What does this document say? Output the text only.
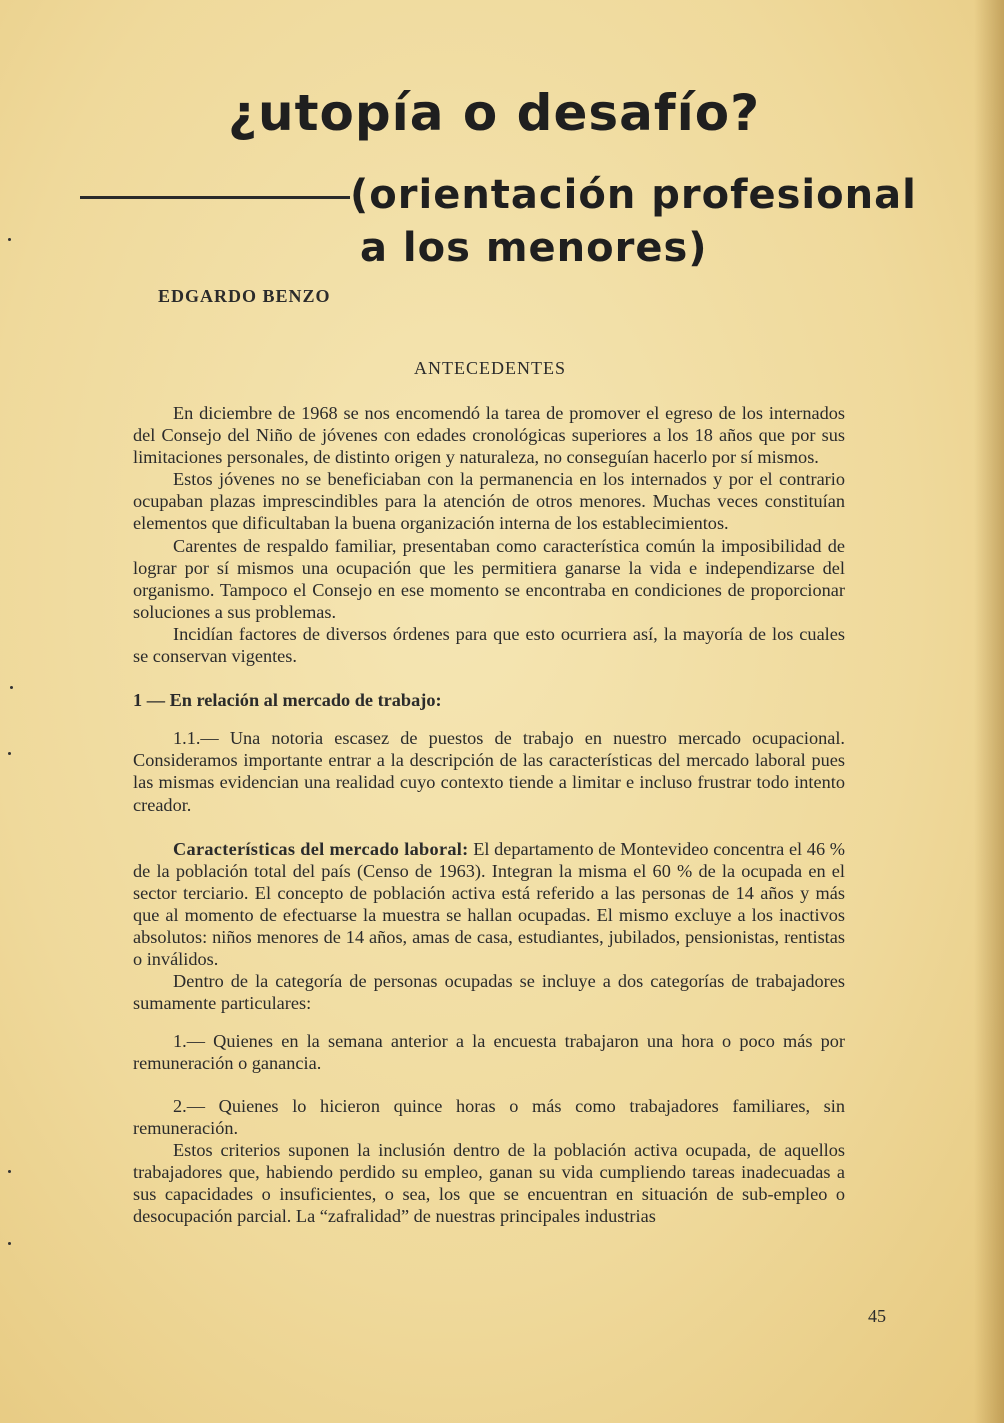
¿utopía o desafío?
(orientación profesional
a los menores)
EDGARDO BENZO
ANTECEDENTES

En diciembre de 1968 se nos encomendó la tarea de promover el egreso de los internados del Consejo del Niño de jóvenes con edades cronológicas superiores a los 18 años que por sus limitaciones personales, de distinto origen y naturaleza, no conseguían hacerlo por sí mismos.

Estos jóvenes no se beneficiaban con la permanencia en los internados y por el contrario ocupaban plazas imprescindibles para la atención de otros menores. Muchas veces constituían elementos que dificultaban la buena organización interna de los establecimientos.

Carentes de respaldo familiar, presentaban como característica común la imposibilidad de lograr por sí mismos una ocupación que les permitiera ganarse la vida e independizarse del organismo. Tampoco el Consejo en ese momento se encontraba en condiciones de proporcionar soluciones a sus problemas.

Incidían factores de diversos órdenes para que esto ocurriera así, la mayoría de los cuales se conservan vigentes.

1 — En relación al mercado de trabajo:

1.1.— Una notoria escasez de puestos de trabajo en nuestro mercado ocupacional. Consideramos importante entrar a la descripción de las características del mercado laboral pues las mismas evidencian una realidad cuyo contexto tiende a limitar e incluso frustrar todo intento creador.

Características del mercado laboral: El departamento de Montevideo concentra el 46 % de la población total del país (Censo de 1963). Integran la misma el 60 % de la ocupada en el sector terciario. El concepto de población activa está referido a las personas de 14 años y más que al momento de efectuarse la muestra se hallan ocupadas. El mismo excluye a los inactivos absolutos: niños menores de 14 años, amas de casa, estudiantes, jubilados, pensionistas, rentistas o inválidos.

Dentro de la categoría de personas ocupadas se incluye a dos categorías de trabajadores sumamente particulares:

1.— Quienes en la semana anterior a la encuesta trabajaron una hora o poco más por remuneración o ganancia.

2.— Quienes lo hicieron quince horas o más como trabajadores familiares, sin remuneración.

Estos criterios suponen la inclusión dentro de la población activa ocupada, de aquellos trabajadores que, habiendo perdido su empleo, ganan su vida cumpliendo tareas inadecuadas a sus capacidades o insuficientes, o sea, los que se encuentran en situación de sub-empleo o desocupación parcial. La “zafralidad” de nuestras principales industrias

45
